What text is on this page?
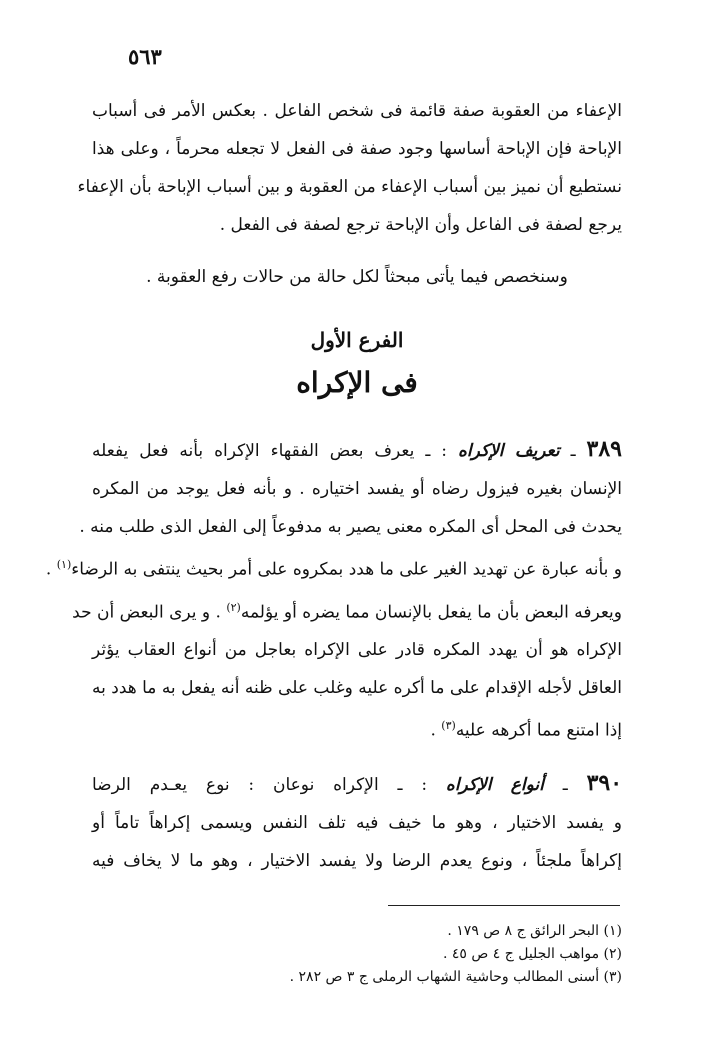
٥٦٣
الإعفاء من العقوبة صفة قائمة فى شخص الفاعل . بعكس الأمر فى أسباب
الإباحة فإن الإباحة أساسها وجود صفة فى الفعل لا تجعله محرماً ، وعلى هذا
نستطيع أن نميز بين أسباب الإعفاء من العقوبة و بين أسباب الإباحة بأن الإعفاء
يرجع لصفة فى الفاعل وأن الإباحة ترجع لصفة فى الفعل .
وسنخصص فيما يأتى مبحثاً لكل حالة من حالات رفع العقوبة .
الفرع الأول
فى الإكراه
٣٨٩ ـ تعريف الإكراه : ـ يعرف بعض الفقهاء الإكراه بأنه فعل يفعله
الإنسان بغيره فيزول رضاه أو يفسد اختياره . و بأنه فعل يوجد من المكره
يحدث فى المحل أى المكره معنى يصير به مدفوعاً إلى الفعل الذى طلب منه .
و بأنه عبارة عن تهديد الغير على ما هدد بمكروه على أمر بحيث ينتفى به الرضاء$^{(١)}$ .
ويعرفه البعض بأن ما يفعل بالإنسان مما يضره أو يؤلمه$^{(٢)}$ . و يرى البعض أن حد
الإكراه هو أن يهدد المكره قادر على الإكراه بعاجل من أنواع العقاب يؤثر
العاقل لأجله الإقدام على ما أكره عليه وغلب على ظنه أنه يفعل به ما هدد به
إذا امتنع مما أكرهه عليه$^{(٣)}$ .
٣٩٠ ـ أنواع الإكراه : ـ الإكراه نوعان : نوع يعـدم الرضا
و يفسد الاختيار ، وهو ما خيف فيه تلف النفس ويسمى إكراهاً تاماً أو
إكراهاً ملجئاً ، ونوع يعدم الرضا ولا يفسد الاختيار ، وهو ما لا يخاف فيه
(١) البحر الرائق ج ٨ ص ١٧٩ .
(٢) مواهب الجليل ج ٤ ص ٤٥ .
(٣) أسنى المطالب وحاشية الشهاب الرملى ج ٣ ص ٢٨٢ .
